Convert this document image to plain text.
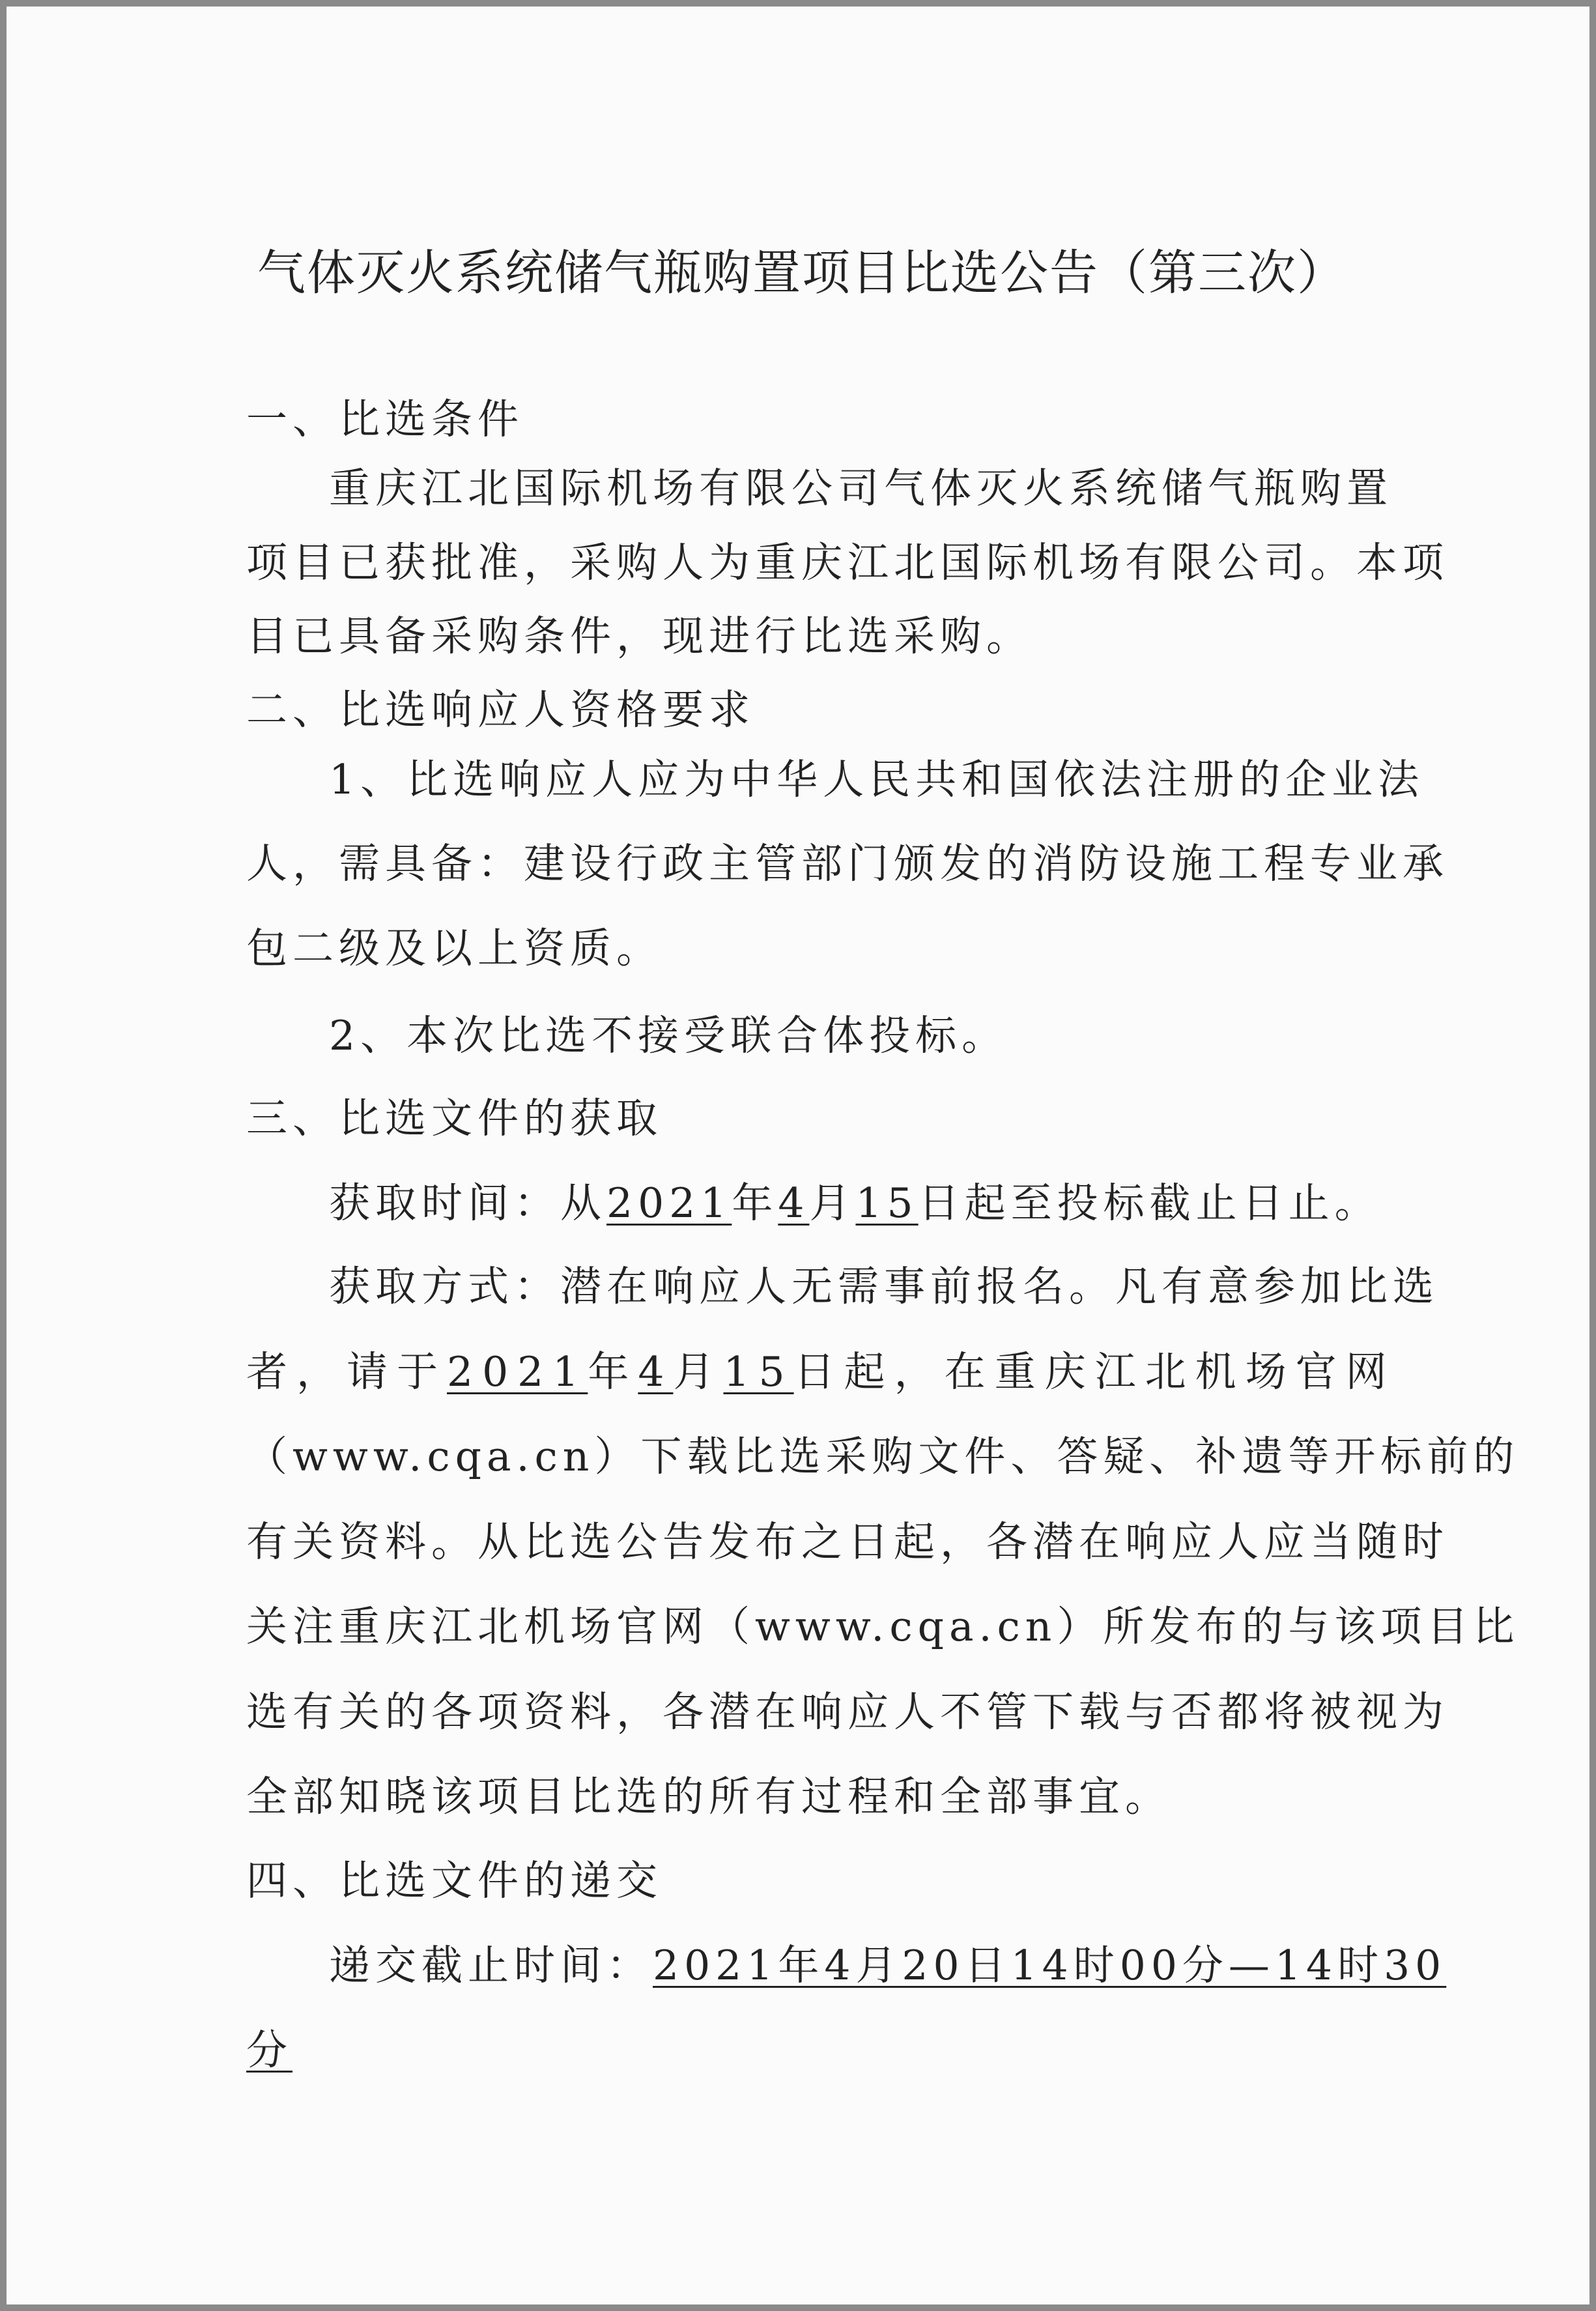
气体灭火系统储气瓶购置项目比选公告（第三次）
一、比选条件
重庆江北国际机场有限公司气体灭火系统储气瓶购置
项目已获批准，采购人为重庆江北国际机场有限公司。本项
目已具备采购条件，现进行比选采购。
二、比选响应人资格要求
1、比选响应人应为中华人民共和国依法注册的企业法
人，需具备：建设行政主管部门颁发的消防设施工程专业承
包二级及以上资质。
2、本次比选不接受联合体投标。
三、比选文件的获取
获取时间：从2021年4月15日起至投标截止日止。
获取方式：潜在响应人无需事前报名。凡有意参加比选
者，请于2021年4月15日起，在重庆江北机场官网
（www.cqa.cn）下载比选采购文件、答疑、补遗等开标前的
有关资料。从比选公告发布之日起，各潜在响应人应当随时
关注重庆江北机场官网（www.cqa.cn）所发布的与该项目比
选有关的各项资料，各潜在响应人不管下载与否都将被视为
全部知晓该项目比选的所有过程和全部事宜。
四、比选文件的递交
递交截止时间：2021年4月20日14时00分—14时30
分
